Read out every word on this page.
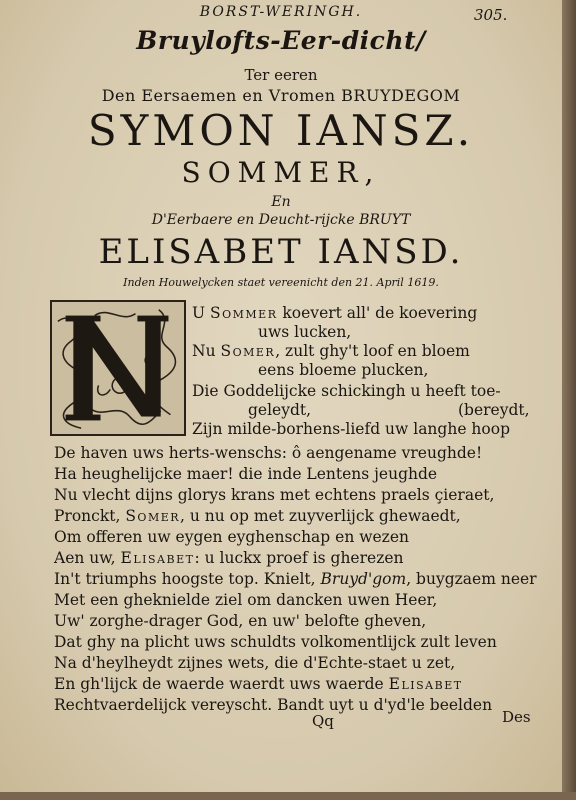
BORST-WERINGH.	305.
Bruylofts-Eer-dicht/
Ter eeren
Den Eersaemen en Vromen BRUYDEGOM
SYMON IANSZ.
SOMMER,
En
D'Eerbaere en Deucht-rijcke BRUYT
ELISABET IANSD.
Inden Houwelycken staet vereenicht den 21. April 1619.
U Sommer koevert all' de koevering
uws lucken,
Nu Somer, zult ghy't loof en bloem
eens bloeme plucken,
Die Goddelijcke schickingh u heeft toe-
geleydt,	(bereydt,
Zijn milde-borhens-liefd uw langhe hoop
De haven uws herts-wenschs: ô aengename vreughde!
Ha heughelijcke maer! die inde Lentens jeughde
Nu vlecht dijns glorys krans met echtens praels çieraet,
Pronckt, Somer, u nu op met zuyverlijck ghewaedt,
Om offeren uw eygen eyghenschap en wezen
Aen uw, Elisabet: u luckx proef is gherezen
In't triumphs hoogste top. Knielt, Bruyd'gom, buygzaem neer
Met een gheknielde ziel om dancken uwen Heer,
Uw' zorghe-drager God, en uw' belofte gheven,
Dat ghy na plicht uws schuldts volkomentlijck zult leven
Na d'heylheydt zijnes wets, die d'Echte-staet u zet,
En gh'lijck de waerde waerdt uws waerde Elisabet
Rechtvaerdelijck vereyscht. Bandt uyt u d'yd'le beelden
Qq	Des
